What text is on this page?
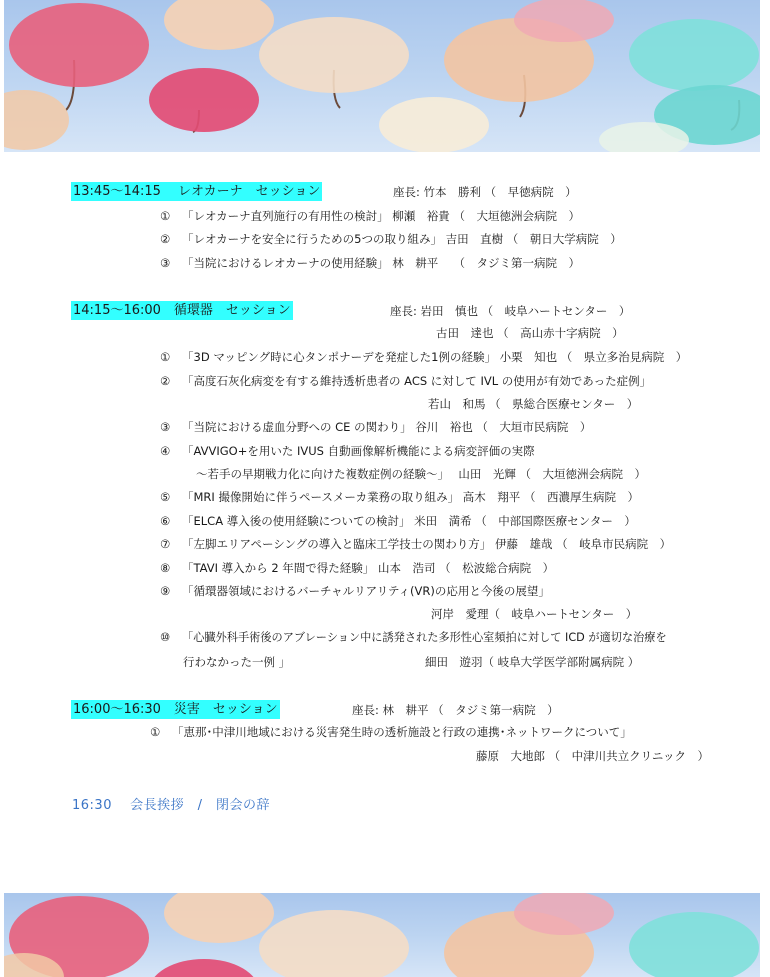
13:45〜14:15　 レオカーナ　セッション	座長: 竹本　勝利 （　早徳病院　）
① 「レオカーナ直列施行の有用性の検討」 柳瀬　裕貴 （　大垣徳洲会病院　）
② 「レオカーナを安全に行うための5つの取り組み」 吉田　直樹 （　朝日大学病院　）
③ 「当院におけるレオカーナの使用経験」 林　耕平　 （　タジミ第一病院　）
14:15〜16:00　循環器　セッション	座長: 岩田　慎也 （　岐阜ハートセンター　）
古田　達也 （　高山赤十字病院　）
① 「3D マッピング時に心タンポナーデを発症した1例の経験」 小栗　知也 （　県立多治見病院　）
② 「高度石灰化病変を有する維持透析患者の ACS に対して IVL の使用が有効であった症例」
若山　和馬 （　県総合医療センター　）
③ 「当院における虚血分野への CE の関わり」 谷川　裕也 （　大垣市民病院　）
④ 「AVVIGO+を用いた IVUS 自動画像解析機能による病変評価の実際
〜若手の早期戦力化に向けた複数症例の経験〜」　 山田　光輝 （　大垣徳洲会病院　）
⑤ 「MRI 撮像開始に伴うペースメーカ業務の取り組み」 高木　翔平 （　西濃厚生病院　）
⑥ 「ELCA 導入後の使用経験についての検討」 米田　満希 （　中部国際医療センター　）
⑦ 「左脚エリアペーシングの導入と臨床工学技士の関わり方」 伊藤　雄哉 （　岐阜市民病院　）
⑧ 「TAVI 導入から 2 年間で得た経験」 山本　浩司 （　松波総合病院　）
⑨ 「循環器領域におけるバーチャルリアリティ(VR)の応用と今後の展望」
河岸　愛理（　岐阜ハートセンター　）
⑩ 「心臓外科手術後のアブレーション中に誘発された多形性心室頻拍に対して ICD が適切な治療を
行わなかった一例 」	細田　遊羽（ 岐阜大学医学部附属病院 ）
16:00〜16:30　災害　セッション	座長: 林　耕平 （　タジミ第一病院　）
① 「恵那･中津川地域における災害発生時の透析施設と行政の連携･ネットワークについて」
藤原　大地郎 （　中津川共立クリニック　）
16:30　 会長挨拶　/　閉会の辞
